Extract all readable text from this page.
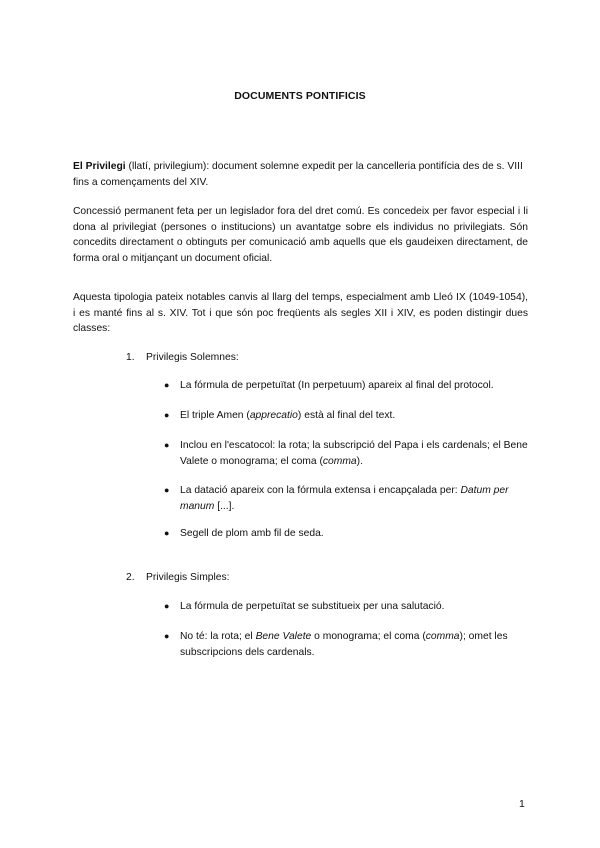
DOCUMENTS PONTIFICIS

El Privilegi (llatí, privilegium): document solemne expedit per la cancelleria pontifícia des de s. VIII fins a començaments del XIV.

Concessió permanent feta per un legislador fora del dret comú. Es concedeix per favor especial i li dona al privilegiat (persones o institucions) un avantatge sobre els individus no privilegiats. Són concedits directament o obtinguts per comunicació amb aquells que els gaudeixen directament, de forma oral o mitjançant un document oficial.

Aquesta tipologia pateix notables canvis al llarg del temps, especialment amb Lleó IX (1049-1054), i es manté fins al s. XIV. Tot i que són poc freqüents als segles XII i XIV, es poden distingir dues classes:

1. Privilegis Solemnes:
● La fórmula de perpetuïtat (In perpetuum) apareix al final del protocol.
● El triple Amen (apprecatio) està al final del text.
● Inclou en l'escatocol: la rota; la subscripció del Papa i els cardenals; el Bene Valete o monograma; el coma (comma).
● La datació apareix con la fórmula extensa i encapçalada per: Datum per manum [...].
● Segell de plom amb fil de seda.
2. Privilegis Simples:
● La fórmula de perpetuïtat se substitueix per una salutació.
● No té: la rota; el Bene Valete o monograma; el coma (comma); omet les subscripcions dels cardenals.
1
